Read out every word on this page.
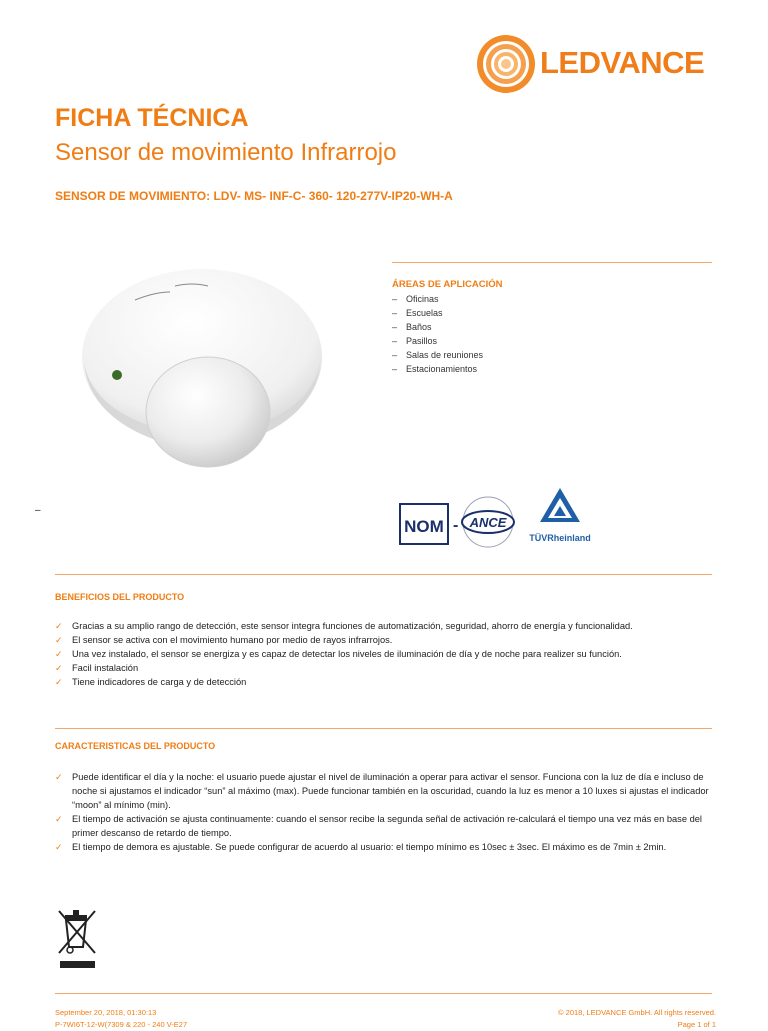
LEDVANCE
FICHA TÉCNICA
Sensor de movimiento Infrarrojo
SENSOR DE MOVIMIENTO: LDV- MS- INF-C- 360- 120-277V-IP20-WH-A
ÁREAS DE APLICACIÓN
– Oficinas
– Escuelas
– Baños
– Pasillos
– Salas de reuniones
– Estacionamientos
NOM - ANCE
TÜVRheinland
–
BENEFICIOS DEL PRODUCTO
✓ Gracias a su amplio rango de detección, este sensor integra funciones de automatización, seguridad, ahorro de energía y funcionalidad.
✓ El sensor se activa con el movimiento humano por medio de rayos infrarrojos.
✓ Una vez instalado, el sensor se energiza y es capaz de detectar los niveles de iluminación de día y de noche para realizer su función.
✓ Facil instalación
✓ Tiene indicadores de carga y de detección
CARACTERISTICAS DEL PRODUCTO
✓ Puede identificar el día y la noche: el usuario puede ajustar el nivel de iluminación a operar para activar el sensor. Funciona con la luz de día e incluso de noche si ajustamos el indicador “sun” al máximo (max). Puede funcionar también en la oscuridad, cuando la luz es menor a 10 luxes si ajustas el indicador “moon” al mínimo (min).
✓ El tiempo de activación se ajusta continuamente: cuando el sensor recibe la segunda señal de activación re-calculará el tiempo una vez más en base del primer descanso de retardo de tiempo.
✓ El tiempo de demora es ajustable. Se puede configurar de acuerdo al usuario: el tiempo mínimo es 10sec ± 3sec. El máximo es de 7min ± 2min.
September 20, 2018, 01:30:13
P-7WI6T-12-W(7309 & 220 - 240 V-E27
© 2018, LEDVANCE GmbH. All rights reserved.
Page 1 of 1
